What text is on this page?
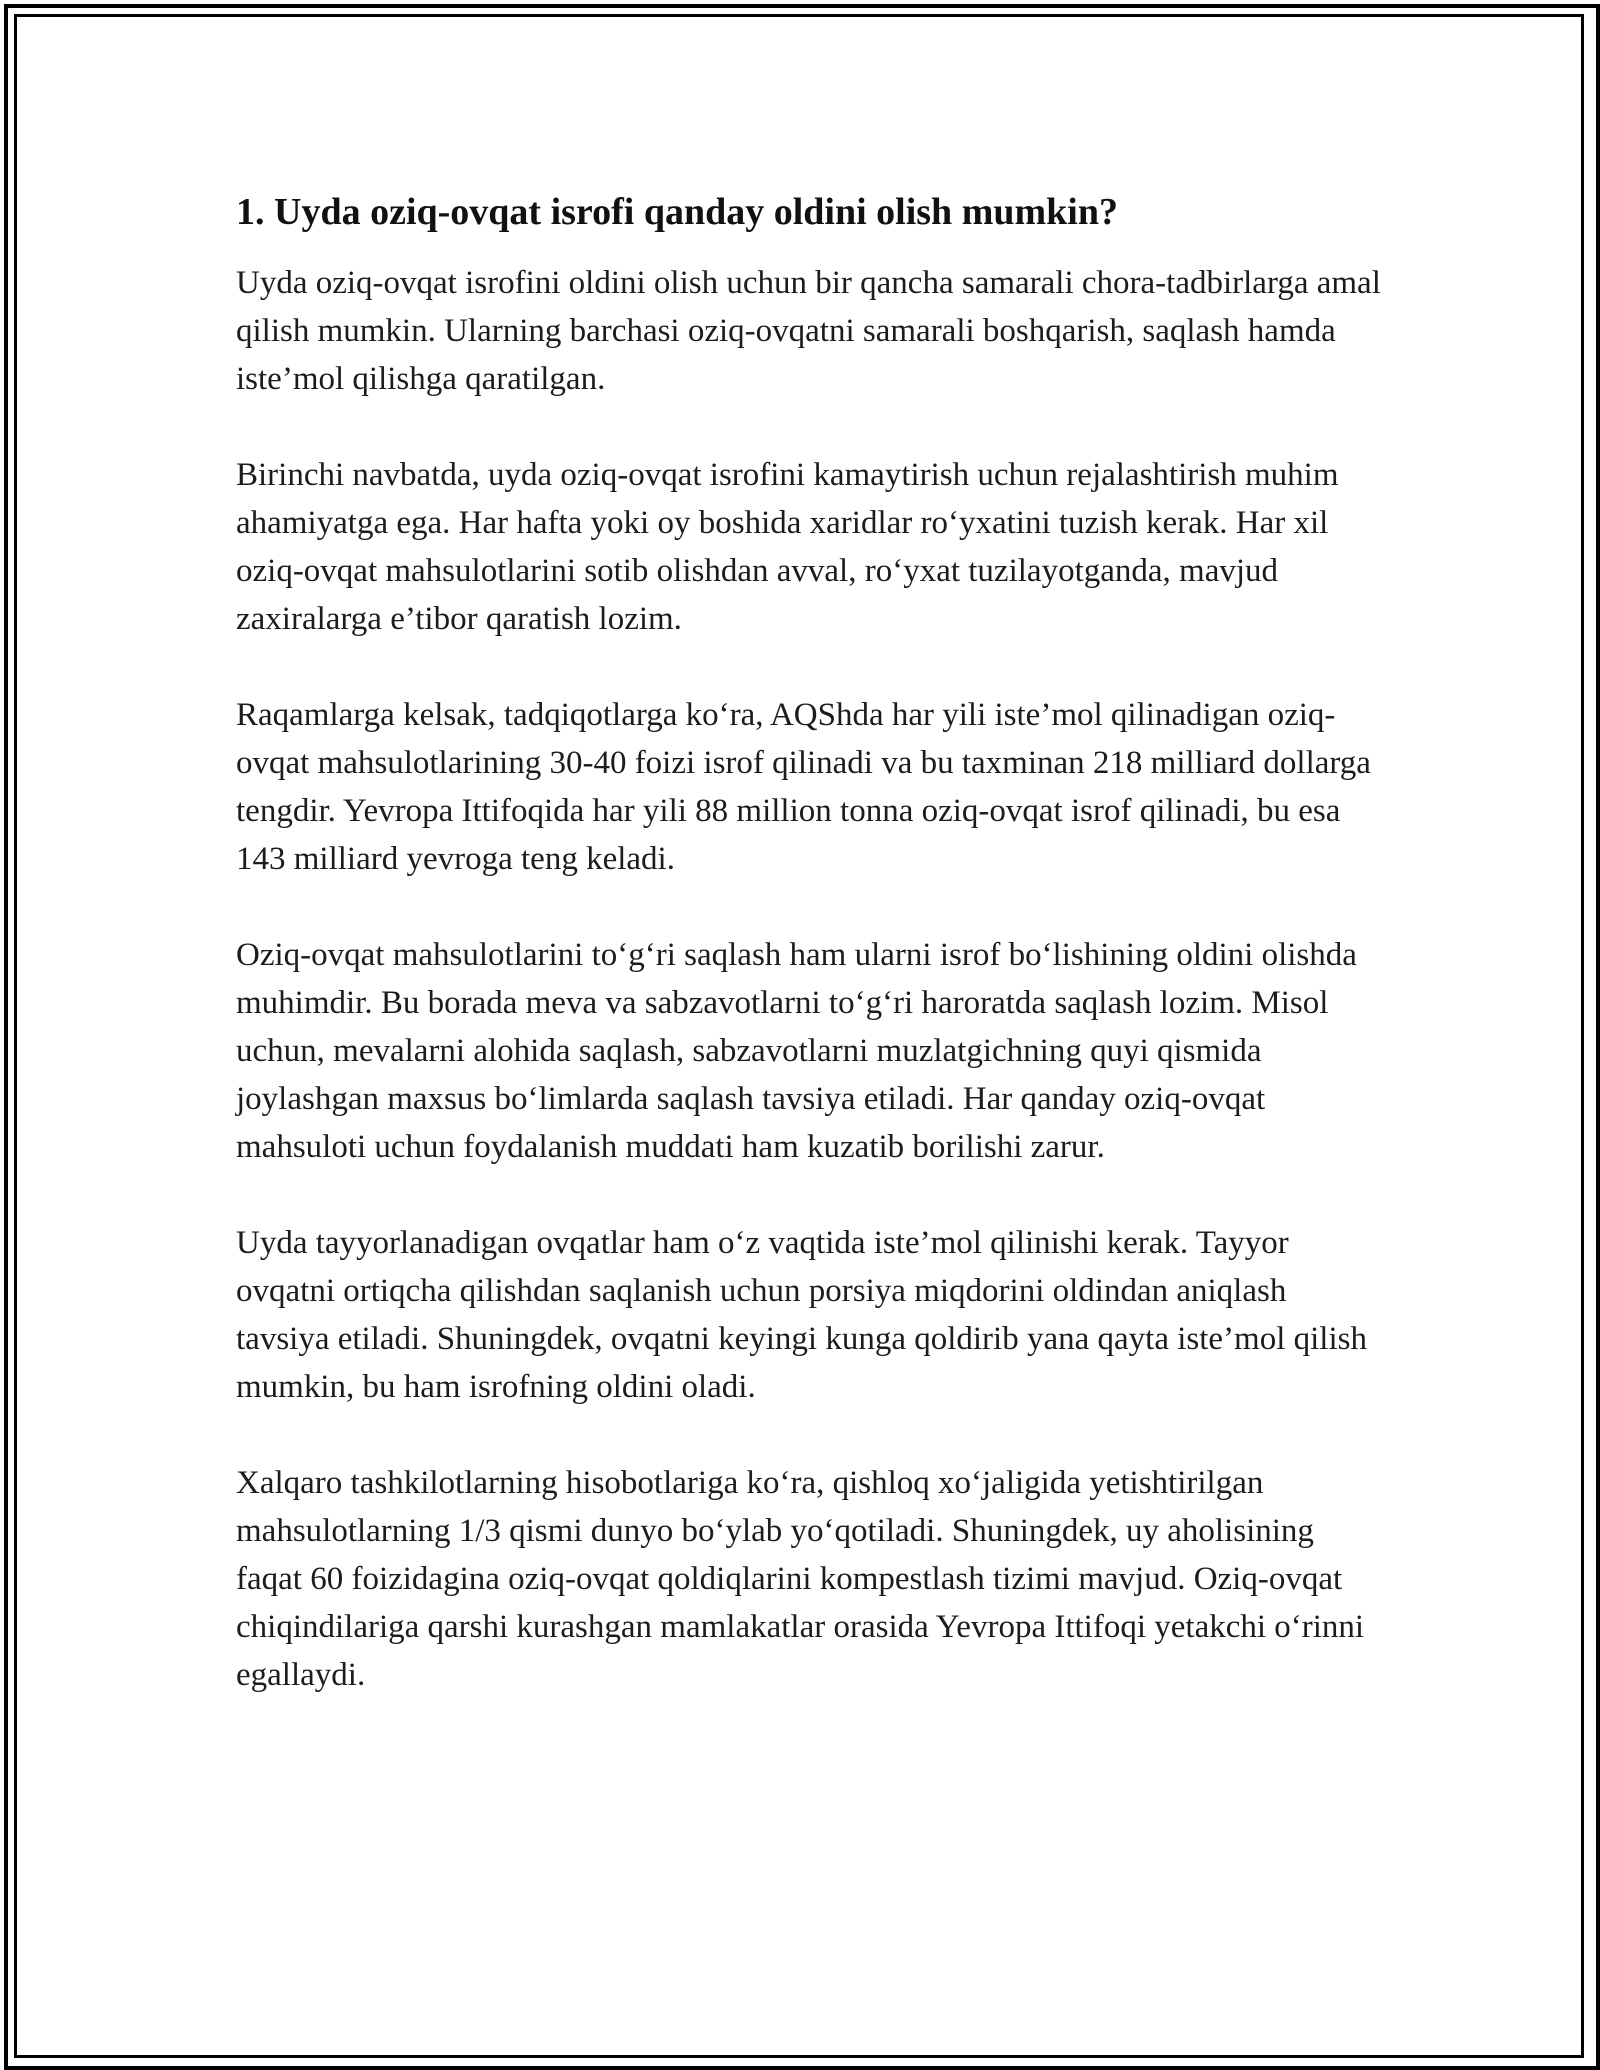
1. Uyda oziq-ovqat isrofi qanday oldini olish mumkin?

Uyda oziq-ovqat isrofini oldini olish uchun bir qancha samarali chora-tadbirlarga amal qilish mumkin. Ularning barchasi oziq-ovqatni samarali boshqarish, saqlash hamda iste’mol qilishga qaratilgan.

Birinchi navbatda, uyda oziq-ovqat isrofini kamaytirish uchun rejalashtirish muhim ahamiyatga ega. Har hafta yoki oy boshida xaridlar ro‘yxatini tuzish kerak. Har xil oziq-ovqat mahsulotlarini sotib olishdan avval, ro‘yxat tuzilayotganda, mavjud zaxiralarga e’tibor qaratish lozim.

Raqamlarga kelsak, tadqiqotlarga ko‘ra, AQShda har yili iste’mol qilinadigan oziq-ovqat mahsulotlarining 30-40 foizi isrof qilinadi va bu taxminan 218 milliard dollarga tengdir. Yevropa Ittifoqida har yili 88 million tonna oziq-ovqat isrof qilinadi, bu esa 143 milliard yevroga teng keladi.

Oziq-ovqat mahsulotlarini to‘g‘ri saqlash ham ularni isrof bo‘lishining oldini olishda muhimdir. Bu borada meva va sabzavotlarni to‘g‘ri haroratda saqlash lozim. Misol uchun, mevalarni alohida saqlash, sabzavotlarni muzlatgichning quyi qismida joylashgan maxsus bo‘limlarda saqlash tavsiya etiladi. Har qanday oziq-ovqat mahsuloti uchun foydalanish muddati ham kuzatib borilishi zarur.

Uyda tayyorlanadigan ovqatlar ham o‘z vaqtida iste’mol qilinishi kerak. Tayyor ovqatni ortiqcha qilishdan saqlanish uchun porsiya miqdorini oldindan aniqlash tavsiya etiladi. Shuningdek, ovqatni keyingi kunga qoldirib yana qayta iste’mol qilish mumkin, bu ham isrofning oldini oladi.

Xalqaro tashkilotlarning hisobotlariga ko‘ra, qishloq xo‘jaligida yetishtirilgan mahsulotlarning 1/3 qismi dunyo bo‘ylab yo‘qotiladi. Shuningdek, uy aholisining faqat 60 foizidagina oziq-ovqat qoldiqlarini kompestlash tizimi mavjud. Oziq-ovqat chiqindilariga qarshi kurashgan mamlakatlar orasida Yevropa Ittifoqi yetakchi o‘rinni egallaydi.
